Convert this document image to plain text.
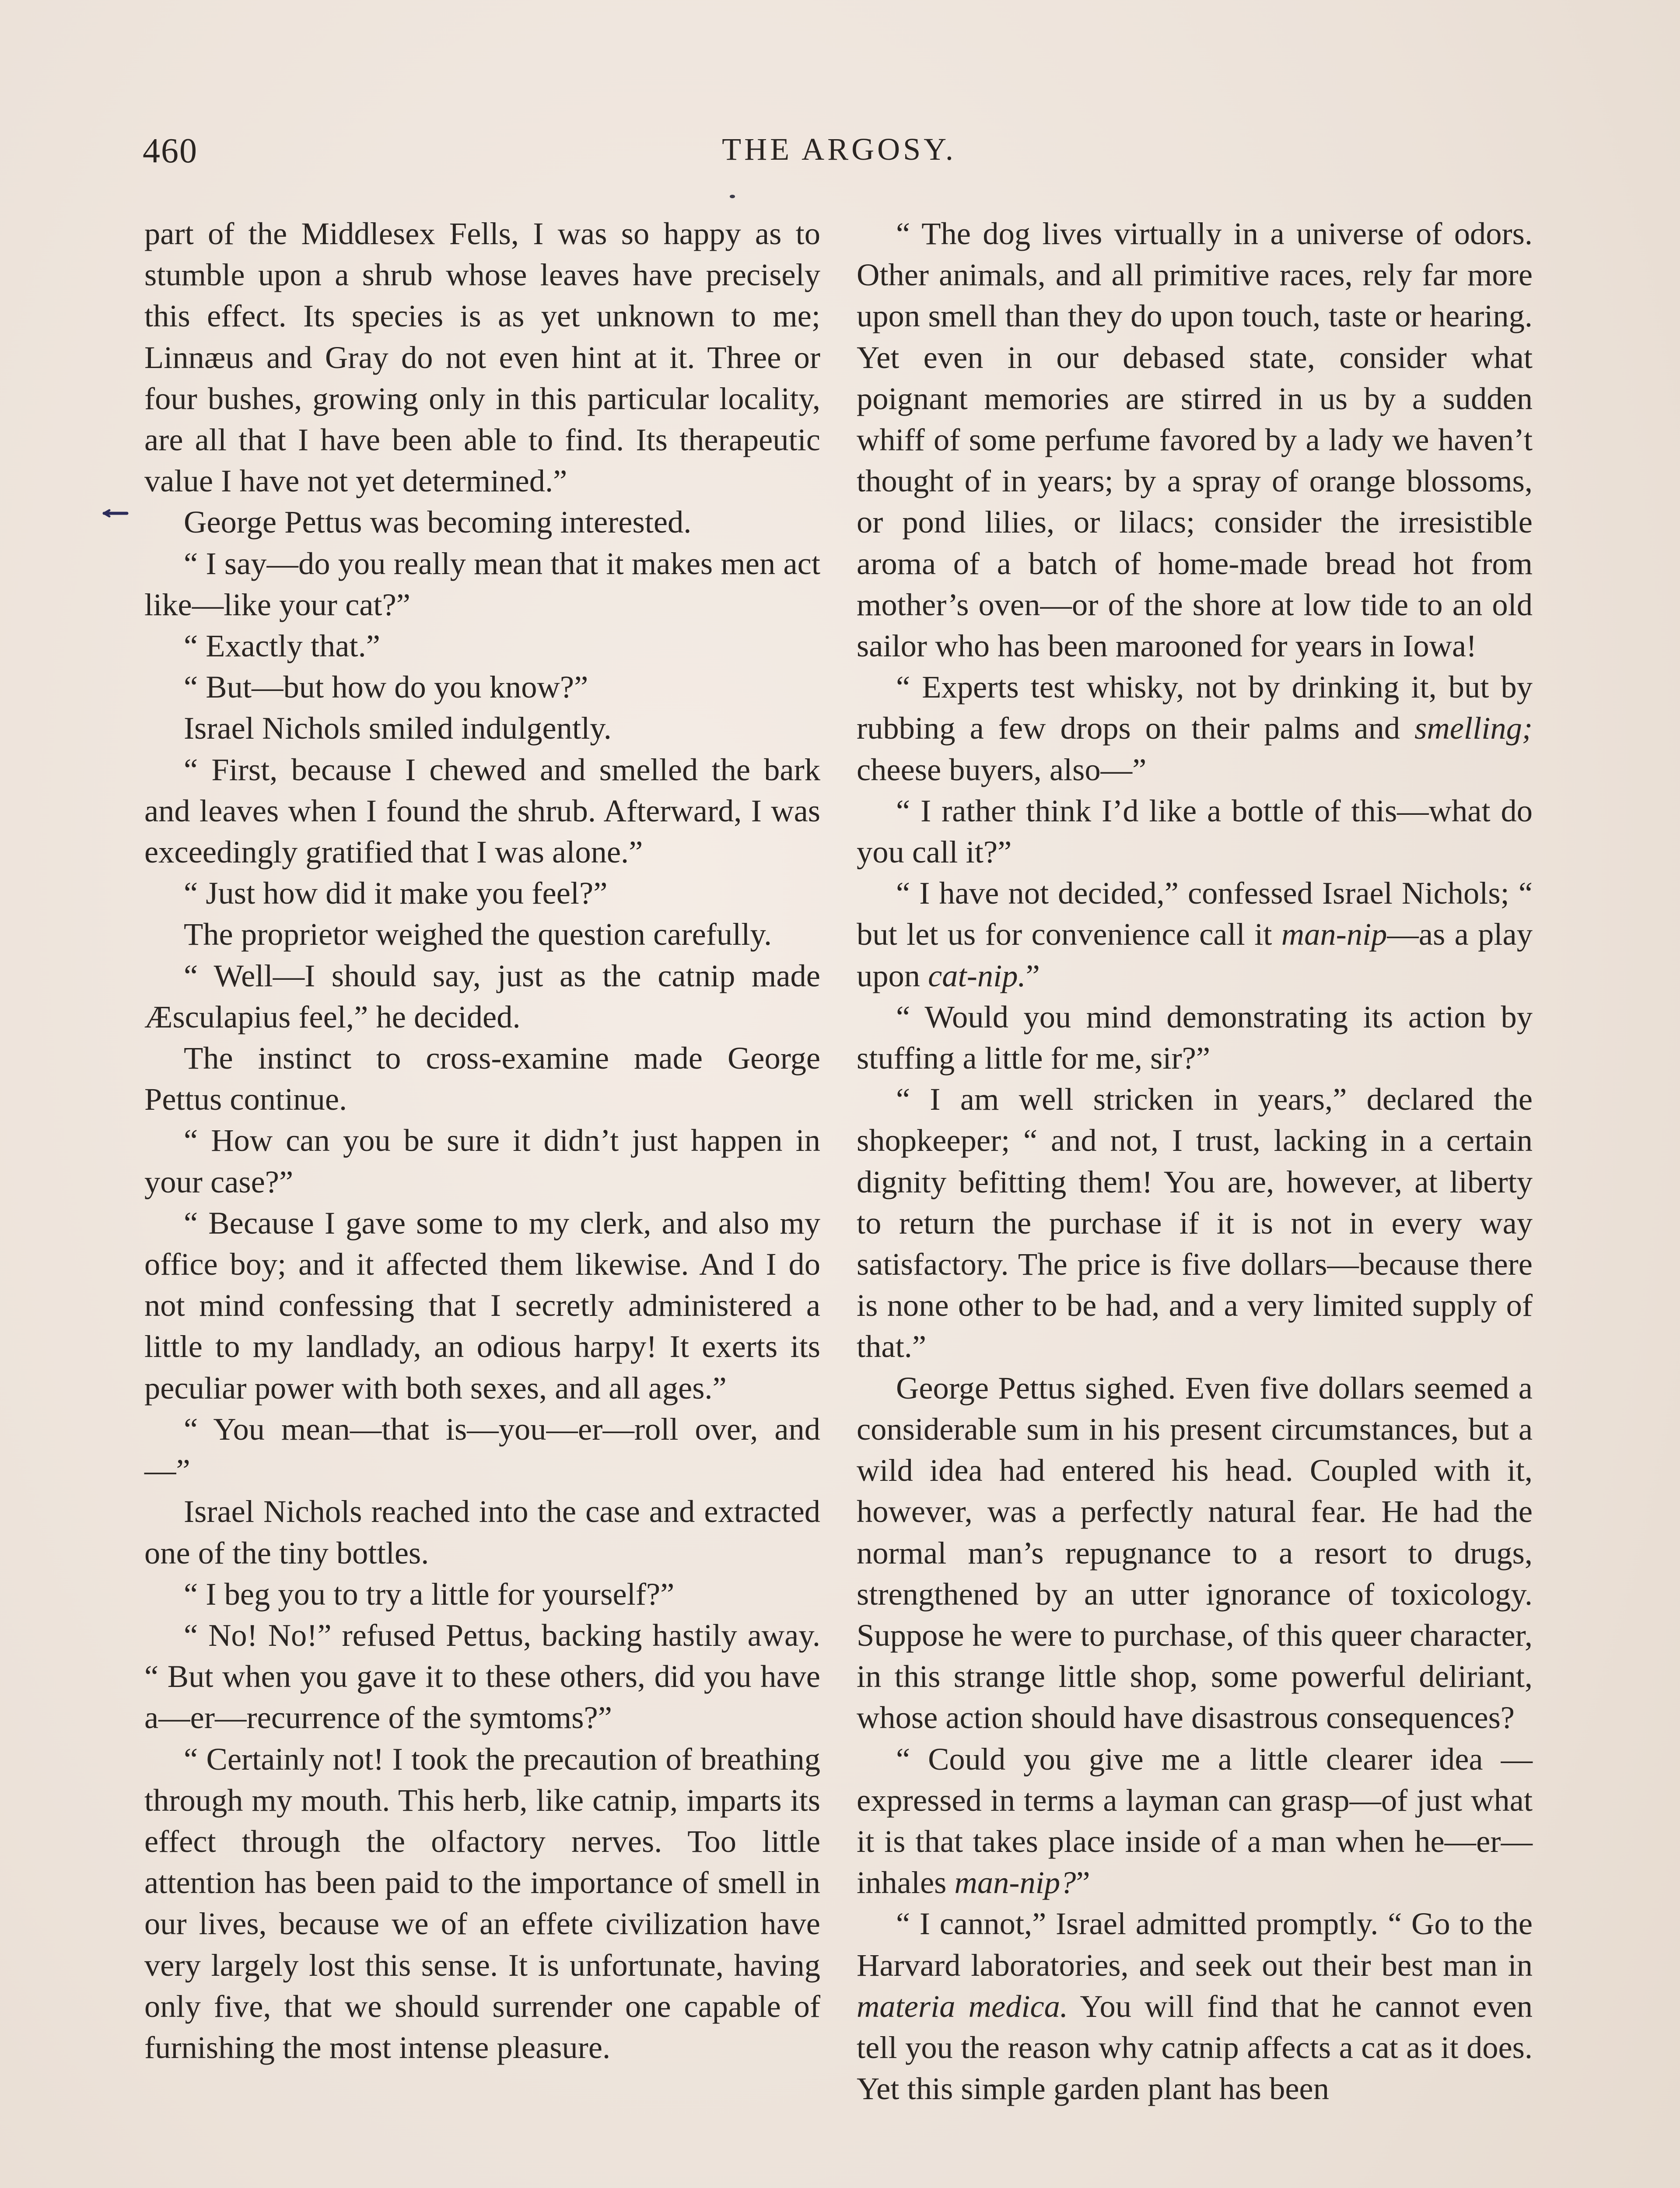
460	THE ARGOSY.

part of the Middlesex Fells, I was so happy as to stumble upon a shrub whose leaves have precisely this effect. Its species is as yet unknown to me; Linnæus and Gray do not even hint at it. Three or four bushes, growing only in this particular locality, are all that I have been able to find. Its therapeutic value I have not yet determined.”

George Pettus was becoming interested.

“ I say—do you really mean that it makes men act like—like your cat?”

“ Exactly that.”

“ But—but how do you know?”

Israel Nichols smiled indulgently.

“ First, because I chewed and smelled the bark and leaves when I found the shrub. Afterward, I was exceedingly gratified that I was alone.”

“ Just how did it make you feel?”

The proprietor weighed the question carefully.

“ Well—I should say, just as the catnip made Æsculapius feel,” he decided.

The instinct to cross-examine made George Pettus continue.

“ How can you be sure it didn’t just happen in your case?”

“ Because I gave some to my clerk, and also my office boy; and it affected them likewise. And I do not mind confessing that I secretly administered a little to my landlady, an odious harpy! It exerts its peculiar power with both sexes, and all ages.”

“ You mean—that is—you—er—roll over, and—”

Israel Nichols reached into the case and extracted one of the tiny bottles.

“ I beg you to try a little for yourself?”

“ No! No!” refused Pettus, backing hastily away. “ But when you gave it to these others, did you have a—er—recurrence of the symtoms?”

“ Certainly not! I took the precaution of breathing through my mouth. This herb, like catnip, imparts its effect through the olfactory nerves. Too little attention has been paid to the importance of smell in our lives, because we of an effete civilization have very largely lost this sense. It is unfortunate, having only five, that we should surrender one capable of furnishing the most intense pleasure.

“ The dog lives virtually in a universe of odors. Other animals, and all primitive races, rely far more upon smell than they do upon touch, taste or hearing. Yet even in our debased state, consider what poignant memories are stirred in us by a sudden whiff of some perfume favored by a lady we haven’t thought of in years; by a spray of orange blossoms, or pond lilies, or lilacs; consider the irresistible aroma of a batch of home-made bread hot from mother’s oven—or of the shore at low tide to an old sailor who has been marooned for years in Iowa!

“ Experts test whisky, not by drinking it, but by rubbing a few drops on their palms and smelling; cheese buyers, also—”

“ I rather think I’d like a bottle of this—what do you call it?”

“ I have not decided,” confessed Israel Nichols; “ but let us for convenience call it man-nip—as a play upon cat-nip.”

“ Would you mind demonstrating its action by stuffing a little for me, sir?”

“ I am well stricken in years,” declared the shopkeeper; “ and not, I trust, lacking in a certain dignity befitting them! You are, however, at liberty to return the purchase if it is not in every way satisfactory. The price is five dollars—because there is none other to be had, and a very limited supply of that.”

George Pettus sighed. Even five dollars seemed a considerable sum in his present circumstances, but a wild idea had entered his head. Coupled with it, however, was a perfectly natural fear. He had the normal man’s repugnance to a resort to drugs, strengthened by an utter ignorance of toxicology. Suppose he were to purchase, of this queer character, in this strange little shop, some powerful deliriant, whose action should have disastrous consequences?

“ Could you give me a little clearer idea —expressed in terms a layman can grasp—of just what it is that takes place inside of a man when he—er—inhales man-nip?”

“ I cannot,” Israel admitted promptly. “ Go to the Harvard laboratories, and seek out their best man in materia medica. You will find that he cannot even tell you the reason why catnip affects a cat as it does. Yet this simple garden plant has been
